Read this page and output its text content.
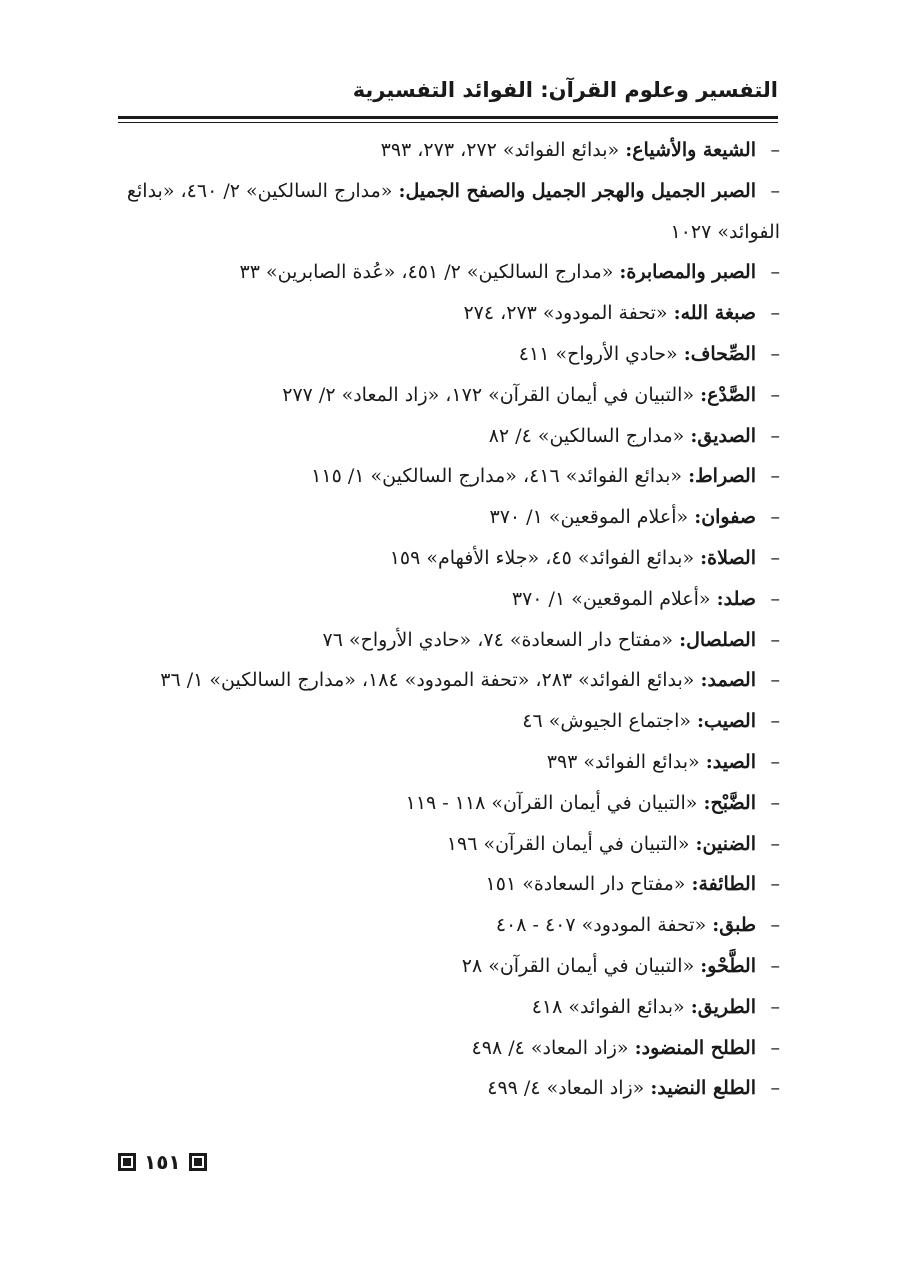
التفسير وعلوم القرآن: الفوائد التفسيرية
–الشيعة والأشياع: «بدائع الفوائد» ٢٧٢، ٢٧٣، ٣٩٣
–الصبر الجميل والهجر الجميل والصفح الجميل: «مدارج السالكين» ٢/ ٤٦٠، «بدائع الفوائد» ١٠٢٧
–الصبر والمصابرة: «مدارج السالكين» ٢/ ٤٥١، «عُدة الصابرين» ٣٣
–صبغة الله: «تحفة المودود» ٢٧٣، ٢٧٤
–الصِّحاف: «حادي الأرواح» ٤١١
–الصَّدْع: «التبيان في أيمان القرآن» ١٧٢، «زاد المعاد» ٢/ ٢٧٧
–الصديق: «مدارج السالكين» ٤/ ٨٢
–الصراط: «بدائع الفوائد» ٤١٦، «مدارج السالكين» ١/ ١١٥
–صفوان: «أعلام الموقعين» ١/ ٣٧٠
–الصلاة: «بدائع الفوائد» ٤٥، «جلاء الأفهام» ١٥٩
–صلد: «أعلام الموقعين» ١/ ٣٧٠
–الصلصال: «مفتاح دار السعادة» ٧٤، «حادي الأرواح» ٧٦
–الصمد: «بدائع الفوائد» ٢٨٣، «تحفة المودود» ١٨٤، «مدارج السالكين» ١/ ٣٦
–الصيب: «اجتماع الجيوش» ٤٦
–الصيد: «بدائع الفوائد» ٣٩٣
–الضَّبْح: «التبيان في أيمان القرآن» ١١٨ - ١١٩
–الضنين: «التبيان في أيمان القرآن» ١٩٦
–الطائفة: «مفتاح دار السعادة» ١٥١
–طبق: «تحفة المودود» ٤٠٧ - ٤٠٨
–الطَّحْو: «التبيان في أيمان القرآن» ٢٨
–الطريق: «بدائع الفوائد» ٤١٨
–الطلح المنضود: «زاد المعاد» ٤/ ٤٩٨
–الطلع النضيد: «زاد المعاد» ٤/ ٤٩٩
١٥١
